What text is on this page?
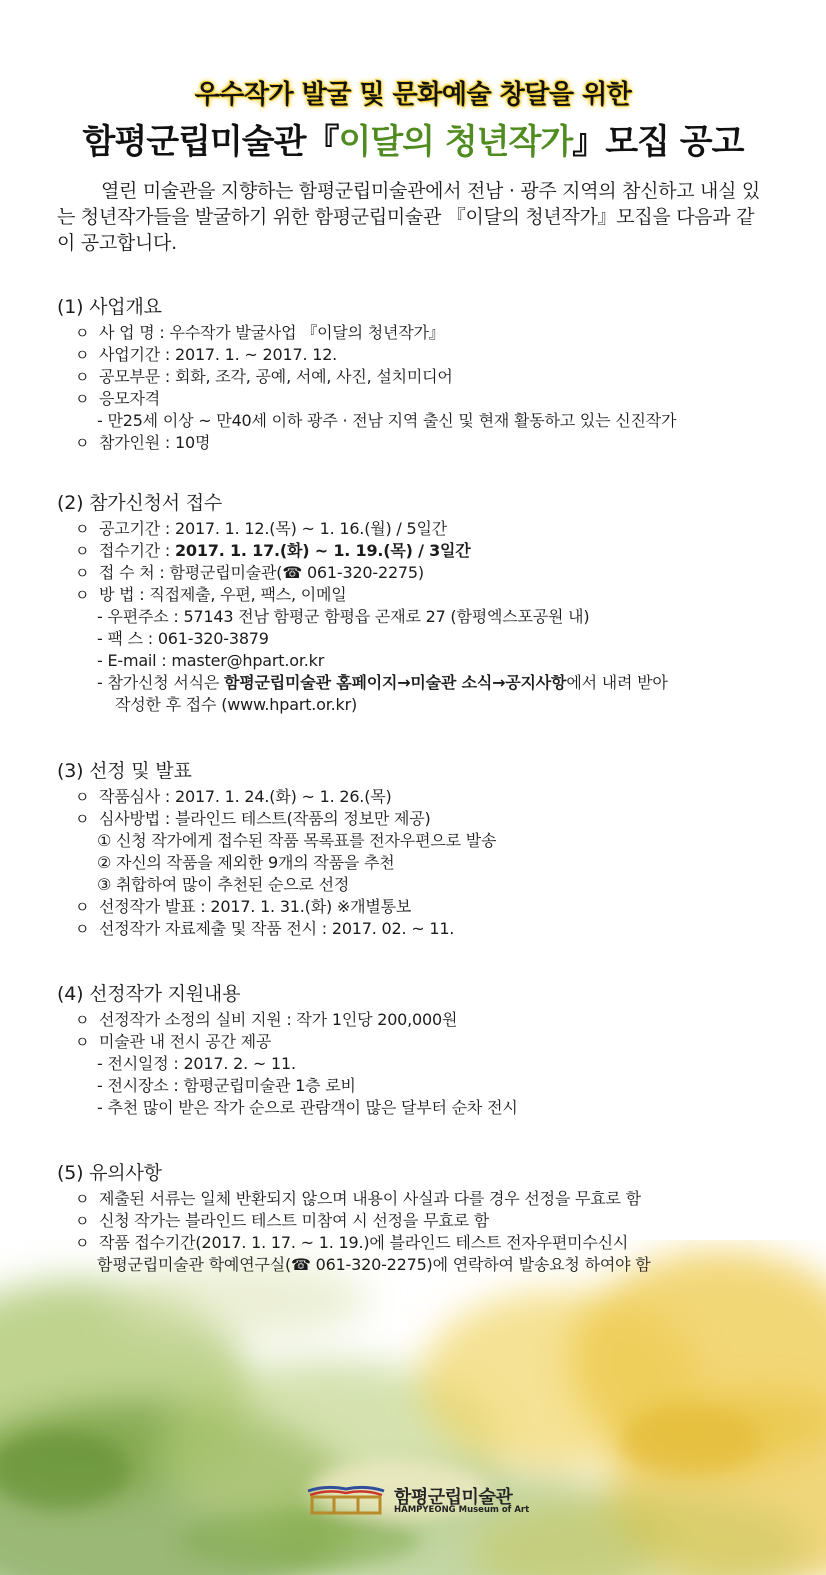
우수작가 발굴 및 문화예술 창달을 위한
함평군립미술관『이달의 청년작가』모집 공고
열린 미술관을 지향하는 함평군립미술관에서 전남 · 광주 지역의 참신하고 내실 있는 청년작가들을 발굴하기 위한 함평군립미술관 『이달의 청년작가』모집을 다음과 같이 공고합니다.
(1) 사업개요
ㅇ 사 업 명 : 우수작가 발굴사업 『이달의 청년작가』
ㅇ 사업기간 : 2017. 1. ~ 2017. 12.
ㅇ 공모부문 : 회화, 조각, 공예, 서예, 사진, 설치미디어
ㅇ 응모자격
- 만25세 이상 ~ 만40세 이하 광주 · 전남 지역 출신 및 현재 활동하고 있는 신진작가
ㅇ 참가인원 : 10명
(2) 참가신청서 접수
ㅇ 공고기간 : 2017. 1. 12.(목) ~ 1. 16.(월) / 5일간
ㅇ 접수기간 : 2017. 1. 17.(화) ~ 1. 19.(목) / 3일간
ㅇ 접 수 처 : 함평군립미술관(☎ 061-320-2275)
ㅇ 방 법 : 직접제출, 우편, 팩스, 이메일
- 우편주소 : 57143 전남 함평군 함평읍 곤재로 27 (함평엑스포공원 내)
- 팩 스 : 061-320-3879
- E-mail : master@hpart.or.kr
- 참가신청 서식은 함평군립미술관 홈페이지→미술관 소식→공지사항에서 내려 받아
작성한 후 접수 (www.hpart.or.kr)
(3) 선정 및 발표
ㅇ 작품심사 : 2017. 1. 24.(화) ~ 1. 26.(목)
ㅇ 심사방법 : 블라인드 테스트(작품의 정보만 제공)
① 신청 작가에게 접수된 작품 목록표를 전자우편으로 발송
② 자신의 작품을 제외한 9개의 작품을 추천
③ 취합하여 많이 추천된 순으로 선정
ㅇ 선정작가 발표 : 2017. 1. 31.(화) ※개별통보
ㅇ 선정작가 자료제출 및 작품 전시 : 2017. 02. ~ 11.
(4) 선정작가 지원내용
ㅇ 선정작가 소정의 실비 지원 : 작가 1인당 200,000원
ㅇ 미술관 내 전시 공간 제공
- 전시일정 : 2017. 2. ~ 11.
- 전시장소 : 함평군립미술관 1층 로비
- 추천 많이 받은 작가 순으로 관람객이 많은 달부터 순차 전시
(5) 유의사항
ㅇ 제출된 서류는 일체 반환되지 않으며 내용이 사실과 다를 경우 선정을 무효로 함
ㅇ 신청 작가는 블라인드 테스트 미참여 시 선정을 무효로 함
ㅇ 작품 접수기간(2017. 1. 17. ~ 1. 19.)에 블라인드 테스트 전자우편미수신시
함평군립미술관 학예연구실(☎ 061-320-2275)에 연락하여 발송요청 하여야 함
함평군립미술관
HAMPYEONG Museum of Art
